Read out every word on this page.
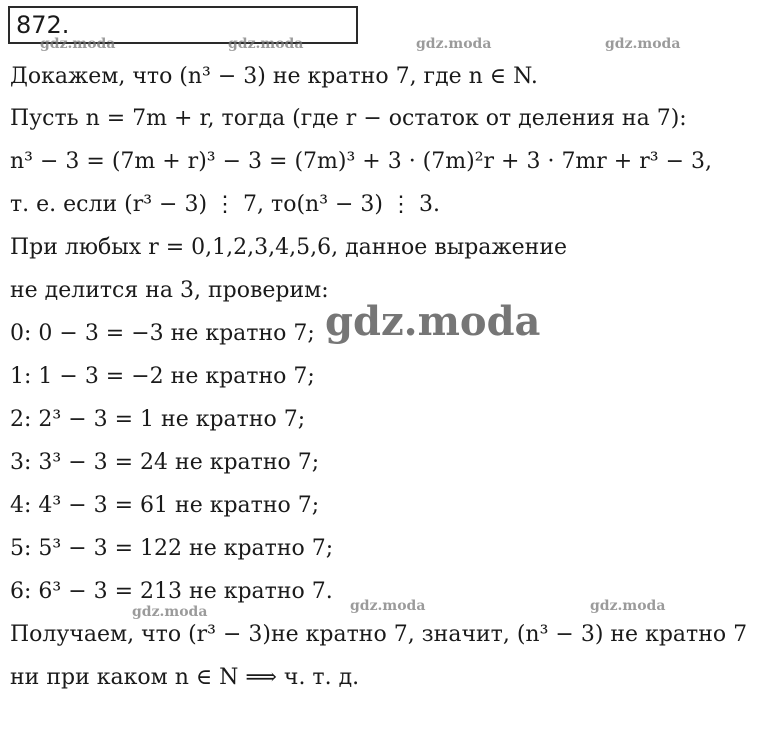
872.
Докажем, что (n³ − 3) не кратно 7, где n ∈ N.
Пусть n = 7m + r, тогда (где r − остаток от деления на 7):
n³ − 3 = (7m + r)³ − 3 = (7m)³ + 3 · (7m)²r + 3 · 7mr + r³ − 3,
т. е. если (r³ − 3) ⋮ 7, то(n³ − 3) ⋮ 3.
При любых r = 0,1,2,3,4,5,6, данное выражение
не делится на 3, проверим:
0: 0 − 3 = −3 не кратно 7;
1: 1 − 3 = −2 не кратно 7;
2: 2³ − 3 = 1 не кратно 7;
3: 3³ − 3 = 24 не кратно 7;
4: 4³ − 3 = 61 не кратно 7;
5: 5³ − 3 = 122 не кратно 7;
6: 6³ − 3 = 213 не кратно 7.
Получаем, что (r³ − 3)не кратно 7, значит, (n³ − 3) не кратно 7
ни при каком n ∈ N ⟹ ч. т. д.
gdz.moda	gdz.moda	gdz.moda	gdz.moda
gdz.moda
gdz.moda	gdz.moda	gdz.moda
